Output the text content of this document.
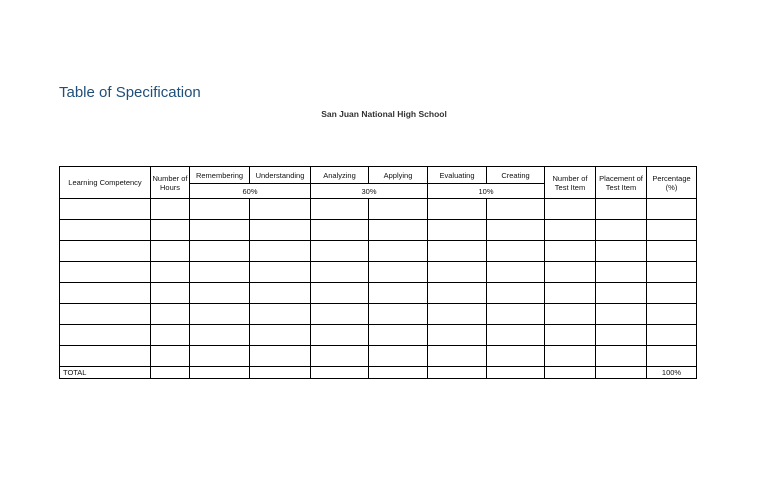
Table of Specification
San Juan National High School
Learning Competency	Number of Hours	Remembering	Understanding	Analyzing	Applying	Evaluating	Creating	Number of Test Item	Placement of Test Item	Percentage (%)
		60%		30%		10%				

TOTAL										100%
